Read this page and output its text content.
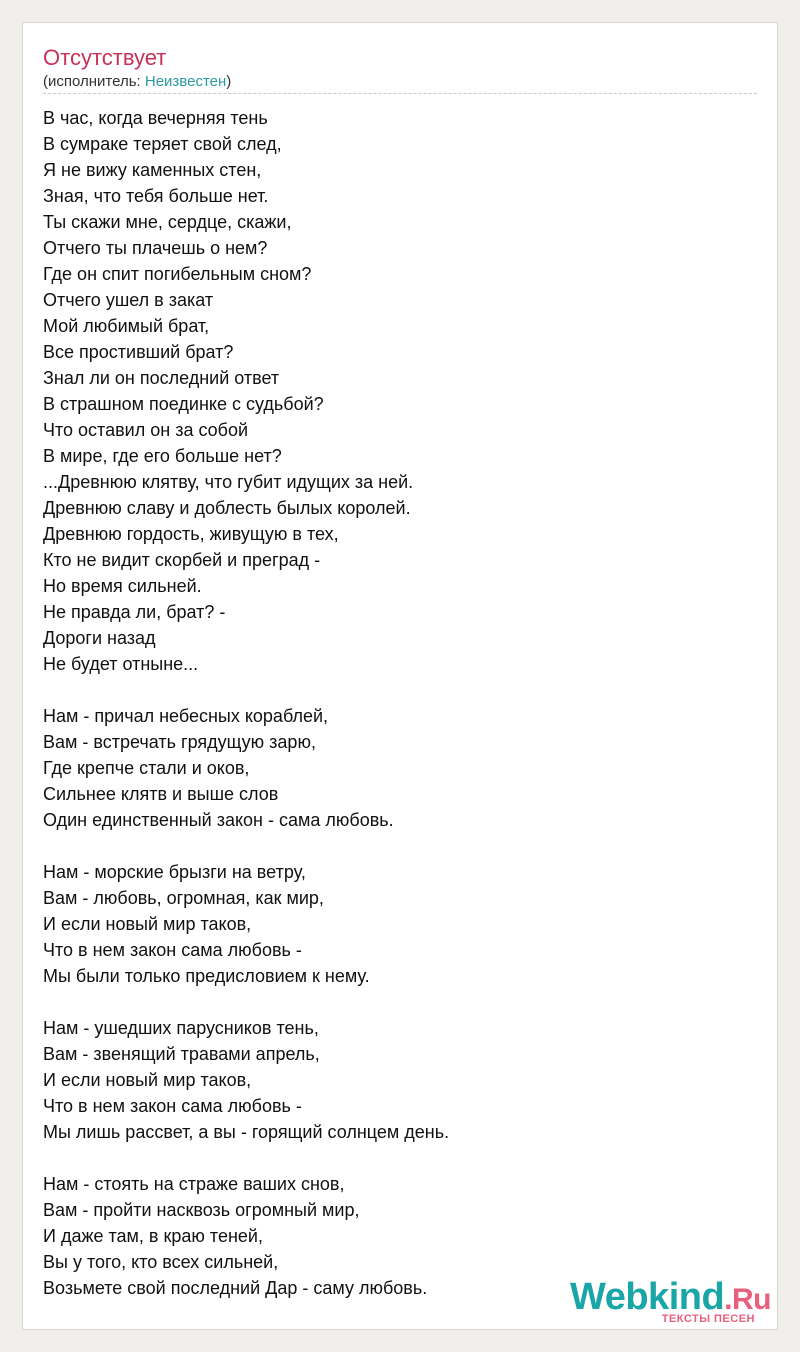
Отсутствует
(исполнитель: Неизвестен)
В час, когда вечерняя тень
В сумраке теряет свой след,
Я не вижу каменных стен,
Зная, что тебя больше нет.
Ты скажи мне, сердце, скажи,
Отчего ты плачешь о нем?
Где он спит погибельным сном?
Отчего ушел в закат
Мой любимый брат,
Все простивший брат?
Знал ли он последний ответ
В страшном поединке с судьбой?
Что оставил он за собой
В мире, где его больше нет?
...Древнюю клятву, что губит идущих за ней.
Древнюю славу и доблесть былых королей.
Древнюю гордость, живущую в тех,
Кто не видит скорбей и преград -
Но время сильней.
Не правда ли, брат? -
Дороги назад
Не будет отныне...
Нам - причал небесных кораблей,
Вам - встречать грядущую зарю,
Где крепче стали и оков,
Сильнее клятв и выше слов
Один единственный закон - сама любовь.
Нам - морские брызги на ветру,
Вам - любовь, огромная, как мир,
И если новый мир таков,
Что в нем закон сама любовь -
Мы были только предисловием к нему.
Нам - ушедших парусников тень,
Вам - звенящий травами апрель,
И если новый мир таков,
Что в нем закон сама любовь -
Мы лишь рассвет, а вы - горящий солнцем день.
Нам - стоять на страже ваших снов,
Вам - пройти насквозь огромный мир,
И даже там, в краю теней,
Вы у того, кто всех сильней,
Возьмете свой последний Дар - саму любовь.	Webkind.Ru
ТЕКСТЫ ПЕСЕН
